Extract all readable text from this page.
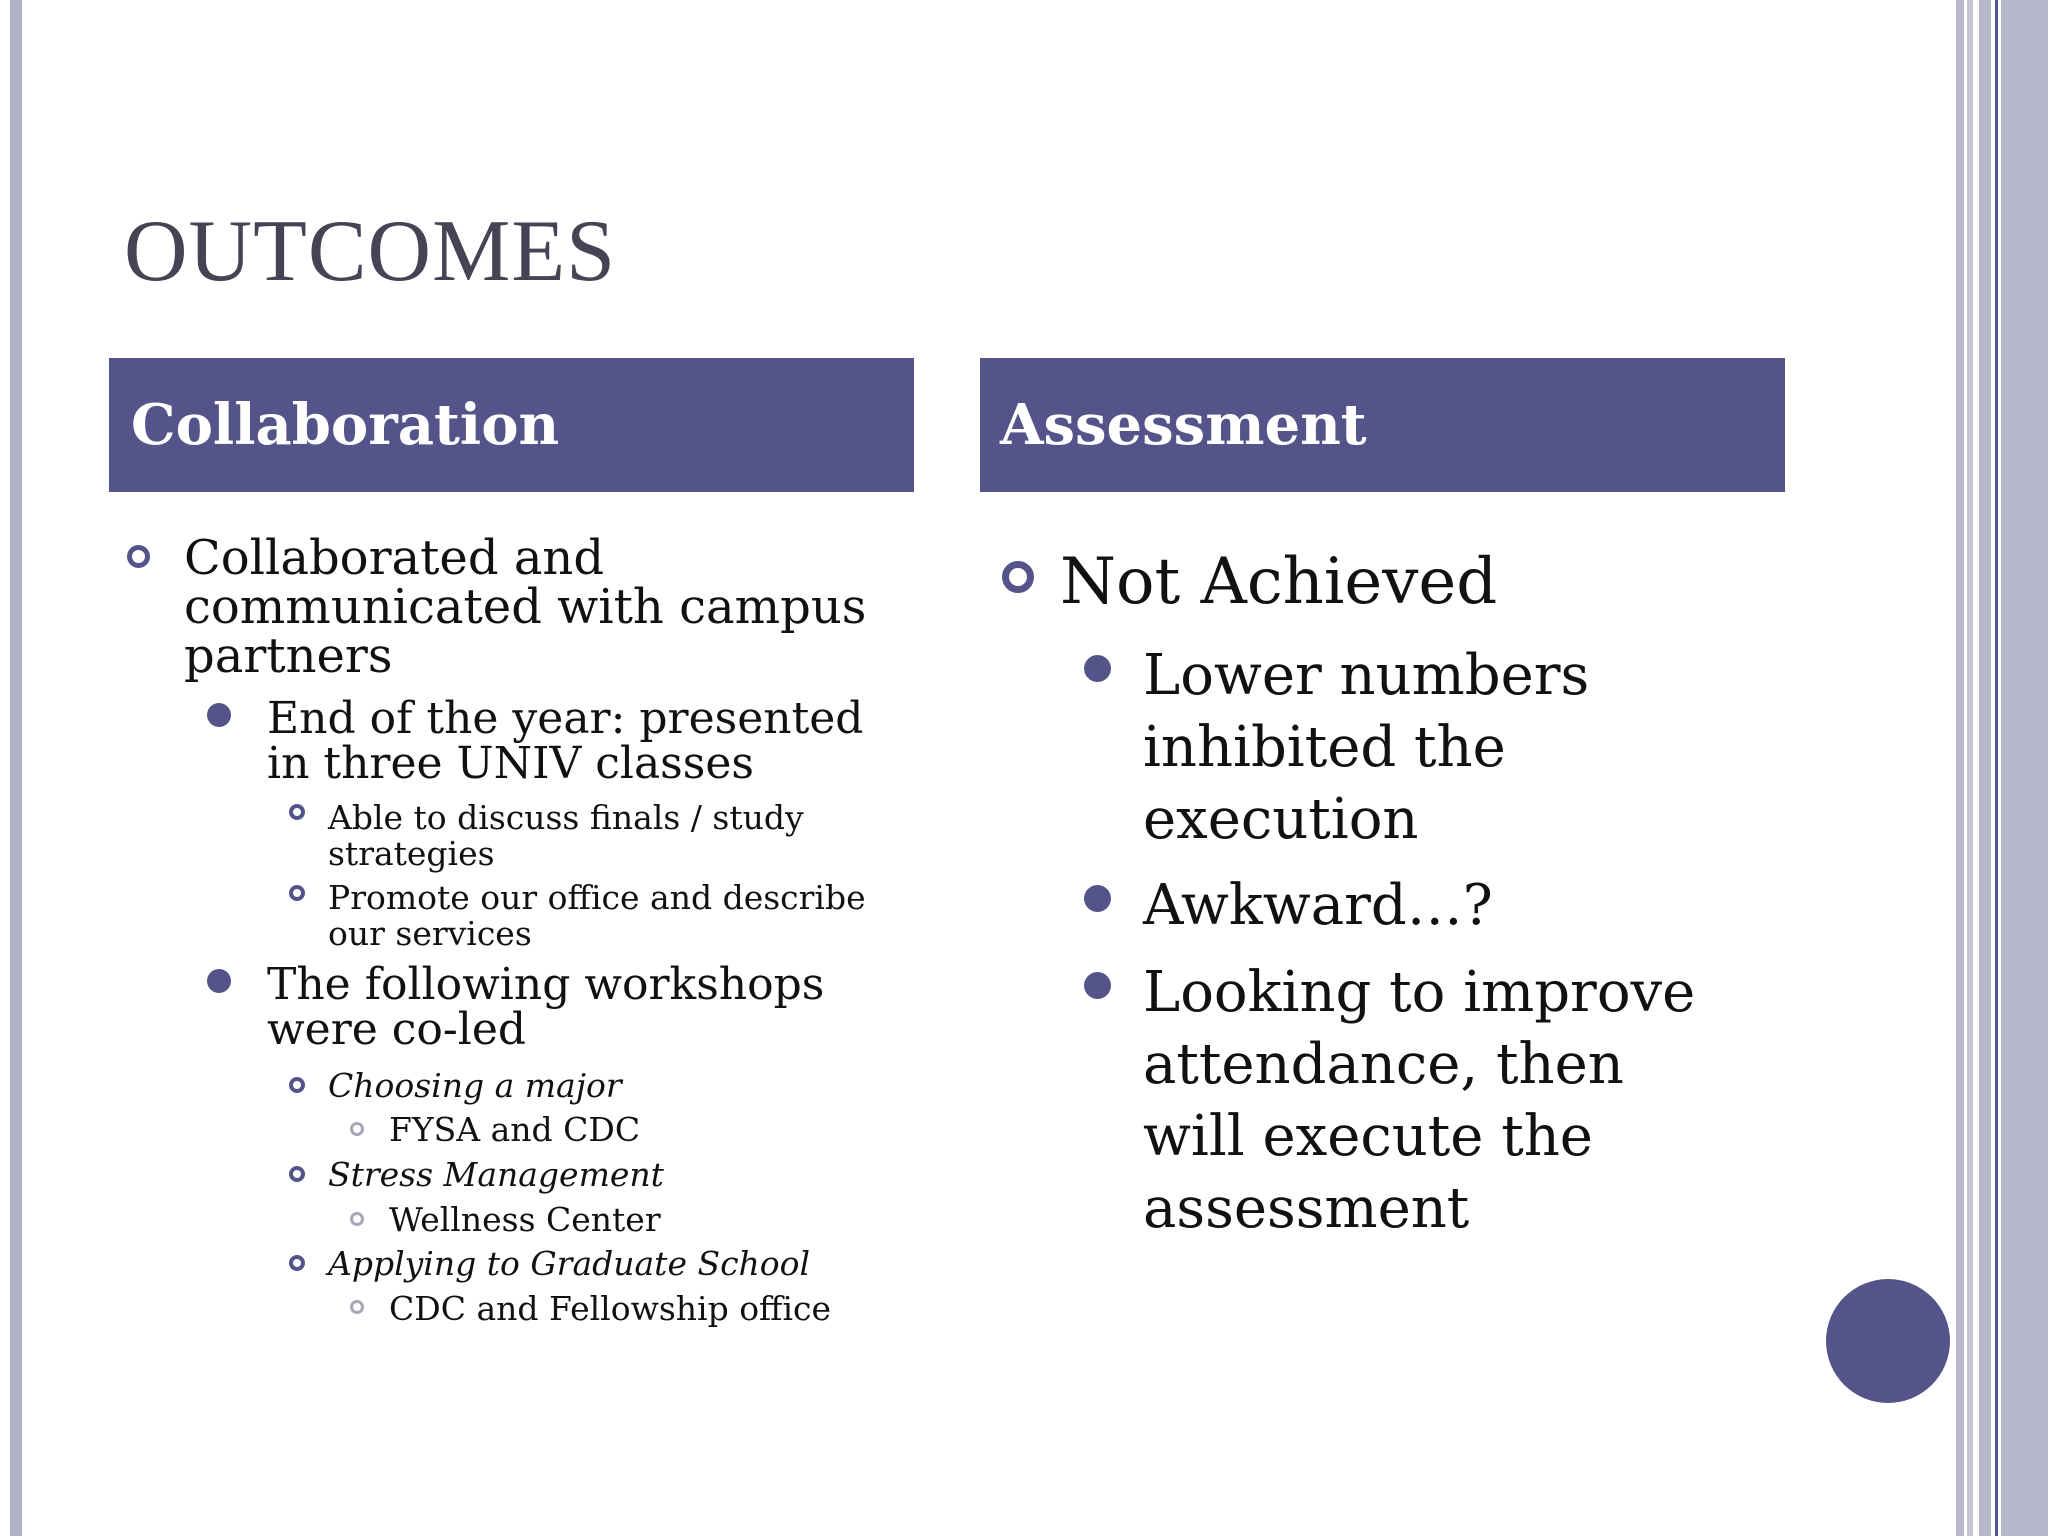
OUTCOMES
Collaboration

Collaborated and communicated with campus partners

End of the year: presented in three UNIV classes

Able to discuss finals / study strategies

Promote our office and describe our services

The following workshops were co-led

Choosing a major

FYSA and CDC

Stress Management

Wellness Center

Applying to Graduate School

CDC and Fellowship office

Assessment

Not Achieved

Lower numbers inhibited the execution

Awkward…?

Looking to improve attendance, then will execute the assessment
